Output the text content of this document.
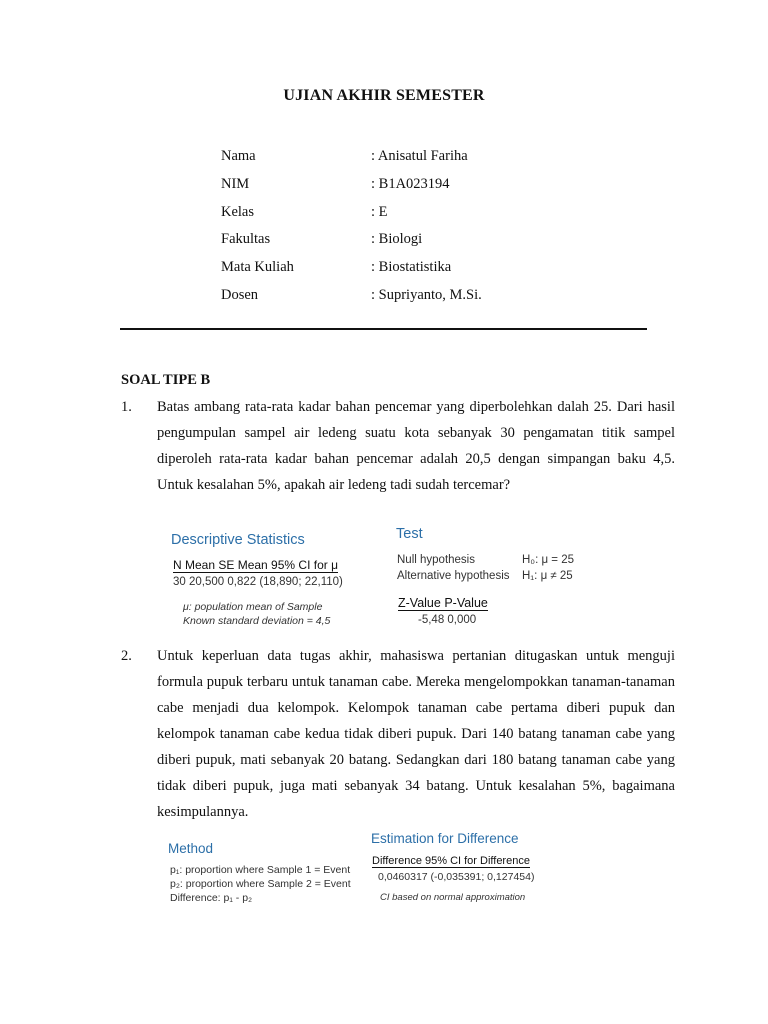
UJIAN AKHIR SEMESTER
Nama	: Anisatul Fariha
NIM	: B1A023194
Kelas	: E
Fakultas	: Biologi
Mata Kuliah	: Biostatistika
Dosen	: Supriyanto, M.Si.
SOAL TIPE B
1.	Batas ambang rata-rata kadar bahan pencemar yang diperbolehkan dalah 25. Dari hasil pengumpulan sampel air ledeng suatu kota sebanyak 30 pengamatan titik sampel diperoleh rata-rata kadar bahan pencemar adalah 20,5 dengan simpangan baku 4,5. Untuk kesalahan 5%, apakah air ledeng tadi sudah tercemar?
Descriptive Statistics
N Mean SE Mean 95% CI for μ
30 20,500 0,822 (18,890; 22,110)
μ: population mean of Sample
Known standard deviation = 4,5
Test
Null hypothesis	H₀: μ = 25
Alternative hypothesis H₁: μ ≠ 25
Z-Value P-Value
-5,48 0,000
2.	Untuk keperluan data tugas akhir, mahasiswa pertanian ditugaskan untuk menguji formula pupuk terbaru untuk tanaman cabe. Mereka mengelompokkan tanaman-tanaman cabe menjadi dua kelompok. Kelompok tanaman cabe pertama diberi pupuk dan kelompok tanaman cabe kedua tidak diberi pupuk. Dari 140 batang tanaman cabe yang diberi pupuk, mati sebanyak 20 batang. Sedangkan dari 180 batang tanaman cabe yang tidak diberi pupuk, juga mati sebanyak 34 batang. Untuk kesalahan 5%, bagaimana kesimpulannya.
Method
p₁: proportion where Sample 1 = Event
p₂: proportion where Sample 2 = Event
Difference: p₁ - p₂
Estimation for Difference
Difference 95% CI for Difference
0,0460317 (-0,035391; 0,127454)
CI based on normal approximation
